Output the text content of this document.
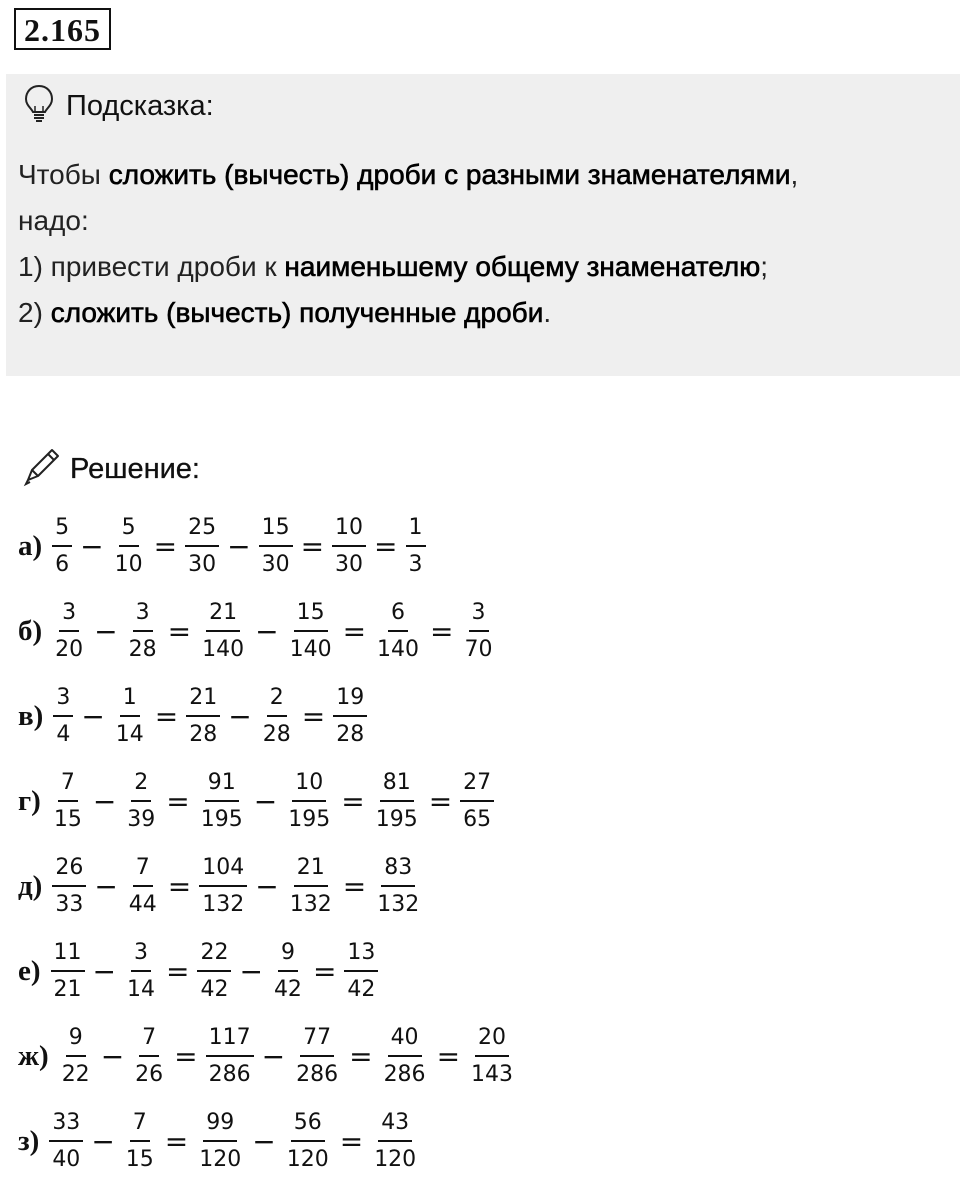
2.165
Подсказка:
Чтобы сложить (вычесть) дроби с разными знаменателями,
надо:
1) привести дроби к наименьшему общему знаменателю;
2) сложить (вычесть) полученные дроби.
Решение:
$а) \frac{5}{6} - \frac{5}{10} = \frac{25}{30} - \frac{15}{30} = \frac{10}{30} = \frac{1}{3}$
$б) \frac{3}{20} - \frac{3}{28} = \frac{21}{140} - \frac{15}{140} = \frac{6}{140} = \frac{3}{70}$
$в) \frac{3}{4} - \frac{1}{14} = \frac{21}{28} - \frac{2}{28} = \frac{19}{28}$
$г) \frac{7}{15} - \frac{2}{39} = \frac{91}{195} - \frac{10}{195} = \frac{81}{195} = \frac{27}{65}$
$д) \frac{26}{33} - \frac{7}{44} = \frac{104}{132} - \frac{21}{132} = \frac{83}{132}$
$е) \frac{11}{21} - \frac{3}{14} = \frac{22}{42} - \frac{9}{42} = \frac{13}{42}$
$ж) \frac{9}{22} - \frac{7}{26} = \frac{117}{286} - \frac{77}{286} = \frac{40}{286} = \frac{20}{143}$
$з) \frac{33}{40} - \frac{7}{15} = \frac{99}{120} - \frac{56}{120} = \frac{43}{120}$
